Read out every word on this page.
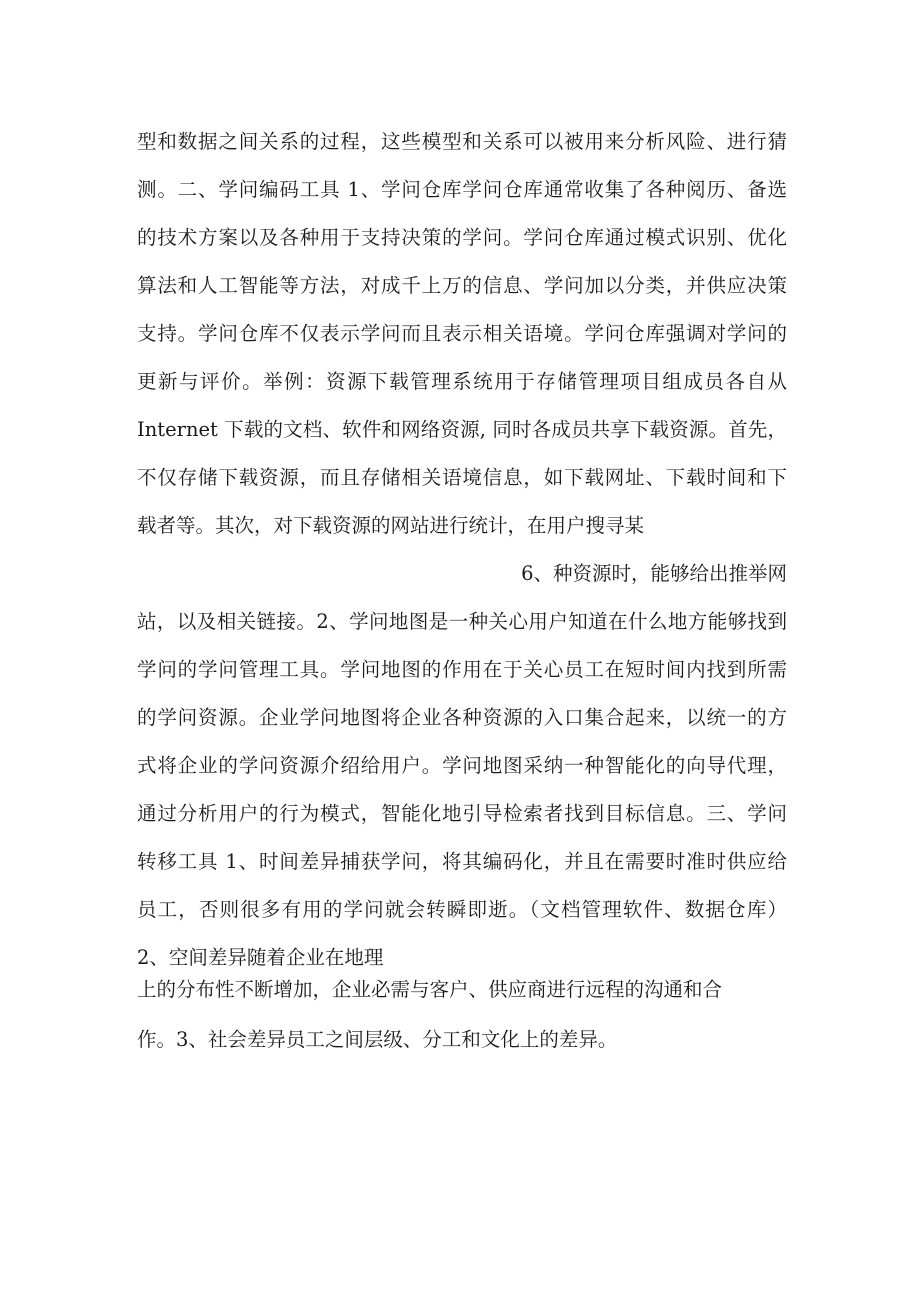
型和数据之间关系的过程，这些模型和关系可以被用来分析风险、进行猜
测。二、学问编码工具 1、学问仓库学问仓库通常收集了各种阅历、备选
的技术方案以及各种用于支持决策的学问。学问仓库通过模式识别、优化
算法和人工智能等方法，对成千上万的信息、学问加以分类，并供应决策
支持。学问仓库不仅表示学问而且表示相关语境。学问仓库强调对学问的
更新与评价。举例：资源下载管理系统用于存储管理项目组成员各自从
Internet 下载的文档、软件和网络资源, 同时各成员共享下载资源。首先，
不仅存储下载资源，而且存储相关语境信息，如下载网址、下载时间和下
载者等。其次，对下载资源的网站进行统计，在用户搜寻某
6、种资源时，能够给出推举网
站，以及相关链接。2、学问地图是一种关心用户知道在什么地方能够找到
学问的学问管理工具。学问地图的作用在于关心员工在短时间内找到所需
的学问资源。企业学问地图将企业各种资源的入口集合起来，以统一的方
式将企业的学问资源介绍给用户。学问地图采纳一种智能化的向导代理，
通过分析用户的行为模式，智能化地引导检索者找到目标信息。三、学问
转移工具 1、时间差异捕获学问，将其编码化，并且在需要时准时供应给
员工，否则很多有用的学问就会转瞬即逝。（文档管理软件、数据仓库）
2、空间差异随着企业在地理
上的分布性不断增加，企业必需与客户、供应商进行远程的沟通和合
作。3、社会差异员工之间层级、分工和文化上的差异。
